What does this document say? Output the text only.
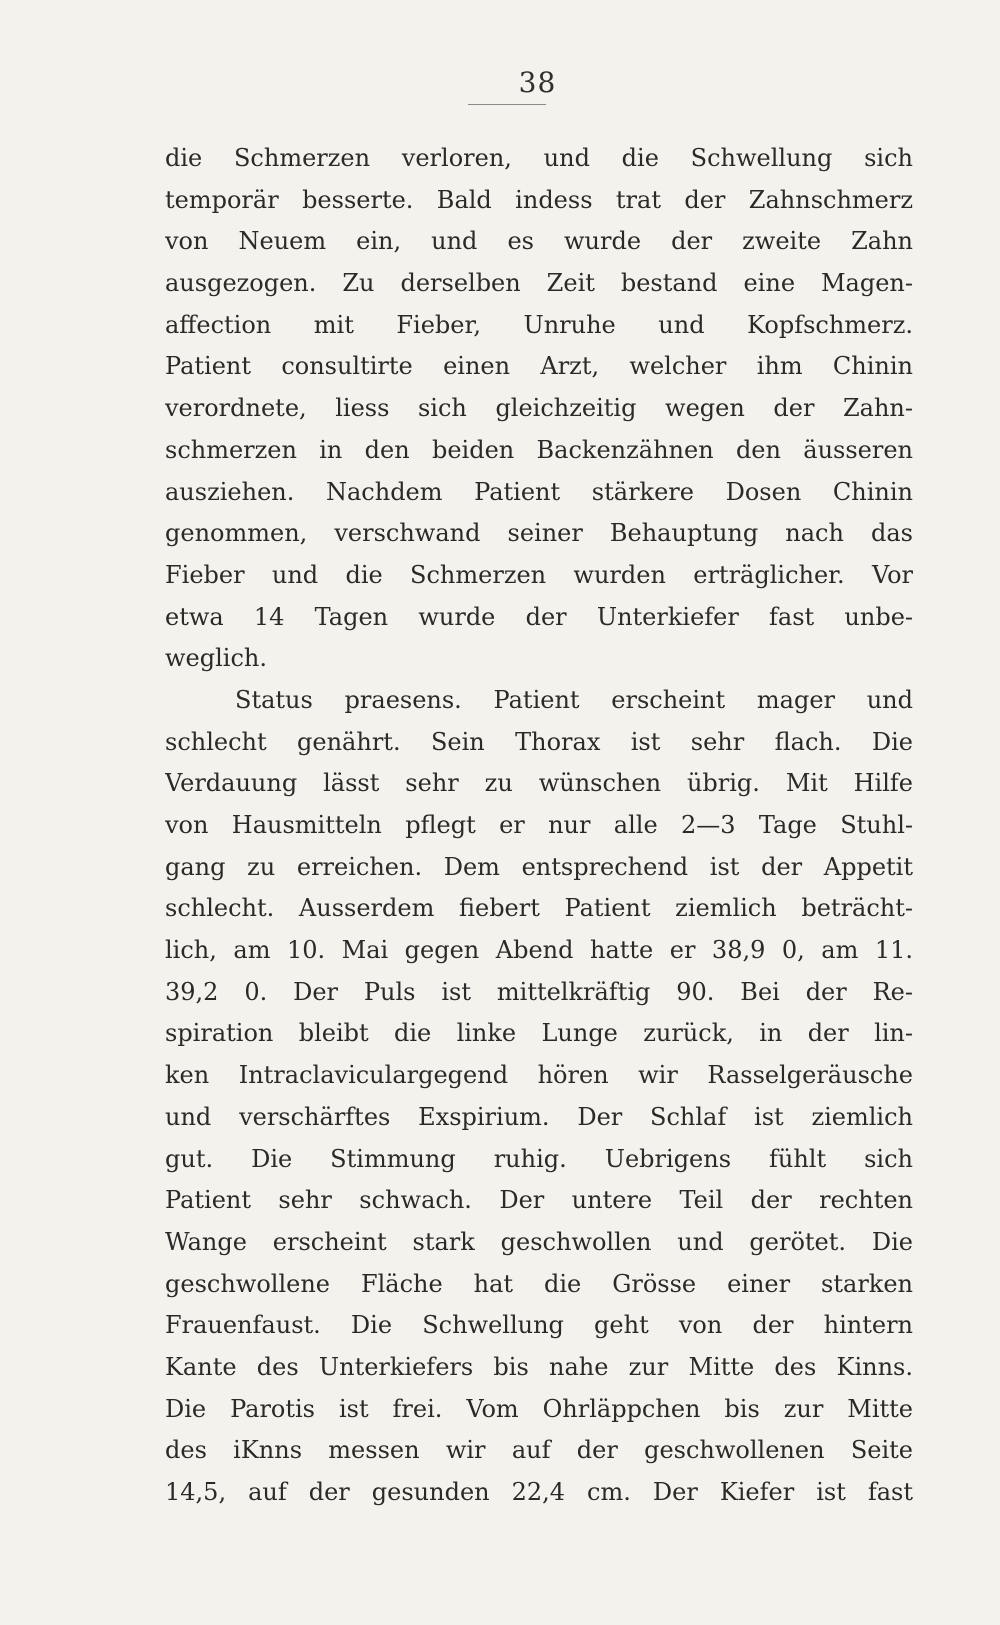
38
die Schmerzen verloren, und die Schwellung sich
temporär besserte. Bald indess trat der Zahnschmerz
von Neuem ein, und es wurde der zweite Zahn
ausgezogen. Zu derselben Zeit bestand eine Magen-
affection mit Fieber, Unruhe und Kopfschmerz.
Patient consultirte einen Arzt, welcher ihm Chinin
verordnete, liess sich gleichzeitig wegen der Zahn-
schmerzen in den beiden Backenzähnen den äusseren
ausziehen. Nachdem Patient stärkere Dosen Chinin
genommen, verschwand seiner Behauptung nach das
Fieber und die Schmerzen wurden erträglicher. Vor
etwa 14 Tagen wurde der Unterkiefer fast unbe-
weglich.
Status praesens. Patient erscheint mager und
schlecht genährt. Sein Thorax ist sehr flach. Die
Verdauung lässt sehr zu wünschen übrig. Mit Hilfe
von Hausmitteln pflegt er nur alle 2—3 Tage Stuhl-
gang zu erreichen. Dem entsprechend ist der Appetit
schlecht. Ausserdem fiebert Patient ziemlich beträcht-
lich, am 10. Mai gegen Abend hatte er 38,9 0, am 11.
39,2 0. Der Puls ist mittelkräftig 90. Bei der Re-
spiration bleibt die linke Lunge zurück, in der lin-
ken Intraclaviculargegend hören wir Rasselgeräusche
und verschärftes Exspirium. Der Schlaf ist ziemlich
gut. Die Stimmung ruhig. Uebrigens fühlt sich
Patient sehr schwach. Der untere Teil der rechten
Wange erscheint stark geschwollen und gerötet. Die
geschwollene Fläche hat die Grösse einer starken
Frauenfaust. Die Schwellung geht von der hintern
Kante des Unterkiefers bis nahe zur Mitte des Kinns.
Die Parotis ist frei. Vom Ohrläppchen bis zur Mitte
des iKnns messen wir auf der geschwollenen Seite
14,5, auf der gesunden 22,4 cm. Der Kiefer ist fast
